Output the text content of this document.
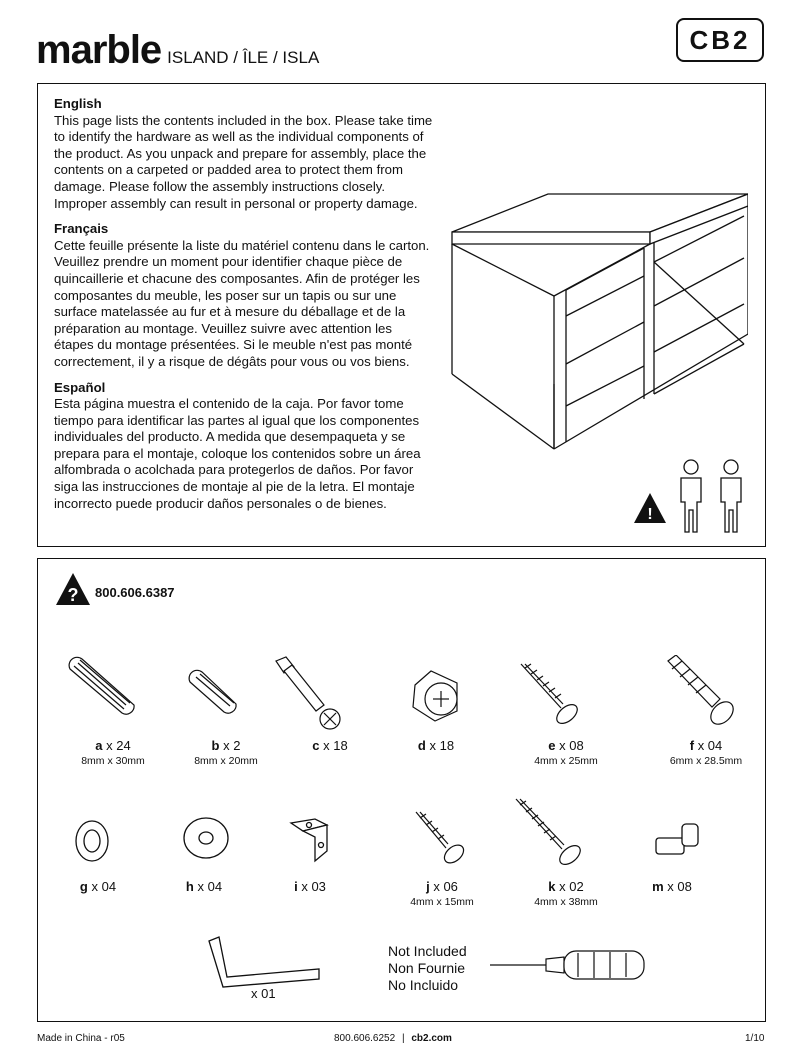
marble ISLAND / ÎLE / ISLA
CB2
English

This page lists the contents included in the box. Please take time to identify the hardware as well as the individual components of the product. As you unpack and prepare for assembly, place the contents on a carpeted or padded area to protect them from damage. Please follow the assembly instructions closely. Improper assembly can result in personal or property damage.

Français

Cette feuille présente la liste du matériel contenu dans le carton. Veuillez prendre un moment pour identifier chaque pièce de quincaillerie et chacune des composantes. Afin de protéger les composantes du meuble, les poser sur un tapis ou sur une surface matelassée au fur et à mesure du déballage et de la préparation au montage. Veuillez suivre avec attention les étapes du montage présentées. Si le meuble n'est pas monté correctement, il y a risque de dégâts pour vous ou vos biens.

Español

Esta página muestra el contenido de la caja. Por favor tome tiempo para identificar las partes al igual que los componentes individuales del producto. A medida que desempaqueta y se prepara para el montaje, coloque los contenidos sobre un área alfombrada o acolchada para protegerlos de daños. Por favor siga las instrucciones de montaje al pie de la letra. El montaje incorrecto puede producir daños personales o de bienes.

!
? 800.606.6387
a x 24
8mm x 30mm
b x 2
8mm x 20mm
c x 18	d x 18	e x 08
4mm x 25mm
f x 04
6mm x 28.5mm
g x 04	h x 04	i x 03	j x 06
4mm x 15mm
k x 02
4mm x 38mm
m x 08
x 01
Not Included
Non Fournie
No Incluido
Made in China - r05	800.606.6252 | cb2.com	1/10
